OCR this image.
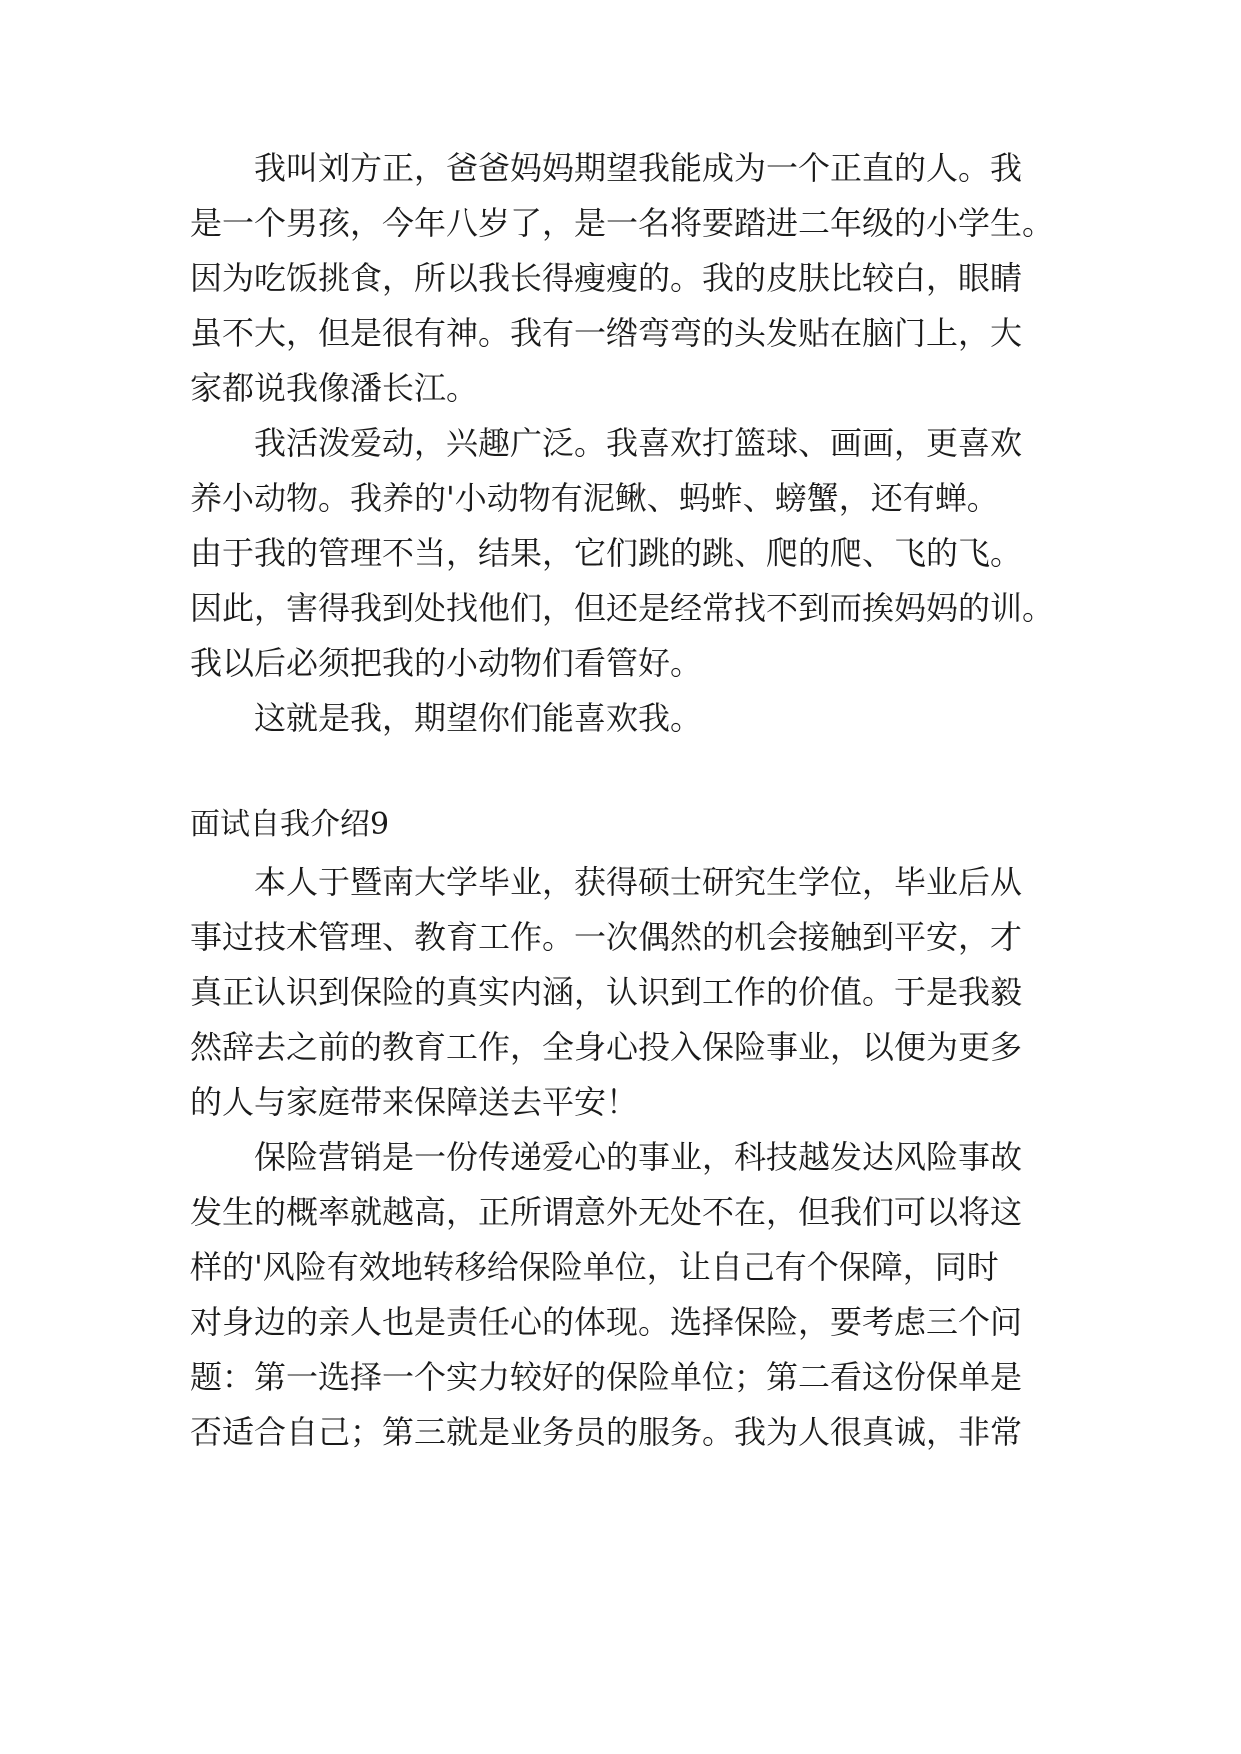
我叫刘方正，爸爸妈妈期望我能成为一个正直的人。我
是一个男孩，今年八岁了，是一名将要踏进二年级的小学生。
因为吃饭挑食，所以我长得瘦瘦的。我的皮肤比较白，眼睛
虽不大，但是很有神。我有一绺弯弯的头发贴在脑门上，大
家都说我像潘长江。
我活泼爱动，兴趣广泛。我喜欢打篮球、画画，更喜欢
养小动物。我养的'小动物有泥鳅、蚂蚱、螃蟹，还有蝉。
由于我的管理不当，结果，它们跳的跳、爬的爬、飞的飞。
因此，害得我到处找他们，但还是经常找不到而挨妈妈的训。
我以后必须把我的小动物们看管好。
这就是我，期望你们能喜欢我。
面试自我介绍9
本人于暨南大学毕业，获得硕士研究生学位，毕业后从
事过技术管理、教育工作。一次偶然的机会接触到平安，才
真正认识到保险的真实内涵，认识到工作的价值。于是我毅
然辞去之前的教育工作，全身心投入保险事业，以便为更多
的人与家庭带来保障送去平安！
保险营销是一份传递爱心的事业，科技越发达风险事故
发生的概率就越高，正所谓意外无处不在，但我们可以将这
样的'风险有效地转移给保险单位，让自己有个保障，同时
对身边的亲人也是责任心的体现。选择保险，要考虑三个问
题：第一选择一个实力较好的保险单位；第二看这份保单是
否适合自己；第三就是业务员的服务。我为人很真诚，非常
